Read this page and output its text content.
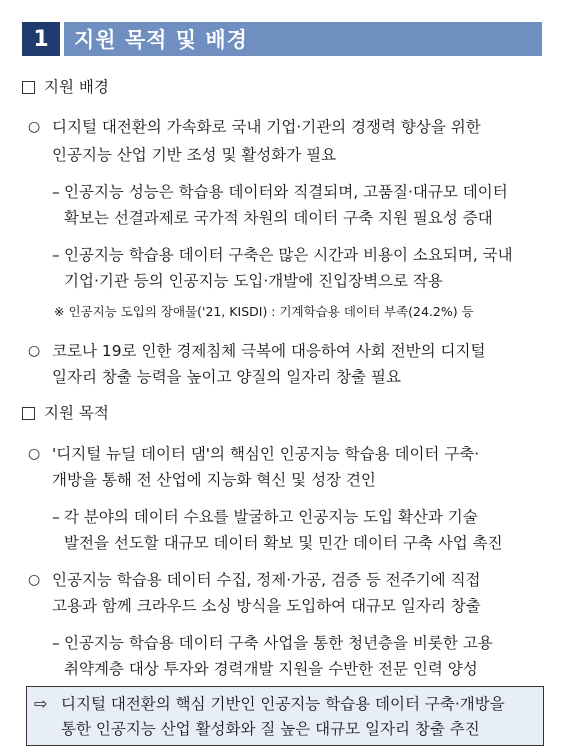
1	지원 목적 및 배경
지원 배경
○ 디지털 대전환의 가속화로 국내 기업·기관의 경쟁력 향상을 위한
인공지능 산업 기반 조성 및 활성화가 필요
– 인공지능 성능은 학습용 데이터와 직결되며, 고품질·대규모 데이터
확보는 선결과제로 국가적 차원의 데이터 구축 지원 필요성 증대
– 인공지능 학습용 데이터 구축은 많은 시간과 비용이 소요되며, 국내
기업·기관 등의 인공지능 도입·개발에 진입장벽으로 작용
※ 인공지능 도입의 장애물('21, KISDI) : 기계학습용 데이터 부족(24.2%) 등
○ 코로나 19로 인한 경제침체 극복에 대응하여 사회 전반의 디지털
일자리 창출 능력을 높이고 양질의 일자리 창출 필요
지원 목적
○ '디지털 뉴딜 데이터 댐'의 핵심인 인공지능 학습용 데이터 구축·
개방을 통해 전 산업에 지능화 혁신 및 성장 견인
– 각 분야의 데이터 수요를 발굴하고 인공지능 도입 확산과 기술
발전을 선도할 대규모 데이터 확보 및 민간 데이터 구축 사업 촉진
○ 인공지능 학습용 데이터 수집, 정제·가공, 검증 등 전주기에 직접
고용과 함께 크라우드 소싱 방식을 도입하여 대규모 일자리 창출
– 인공지능 학습용 데이터 구축 사업을 통한 청년층을 비롯한 고용
취약계층 대상 투자와 경력개발 지원을 수반한 전문 인력 양성
⇨ 디지털 대전환의 핵심 기반인 인공지능 학습용 데이터 구축·개방을
통한 인공지능 산업 활성화와 질 높은 대규모 일자리 창출 추진
